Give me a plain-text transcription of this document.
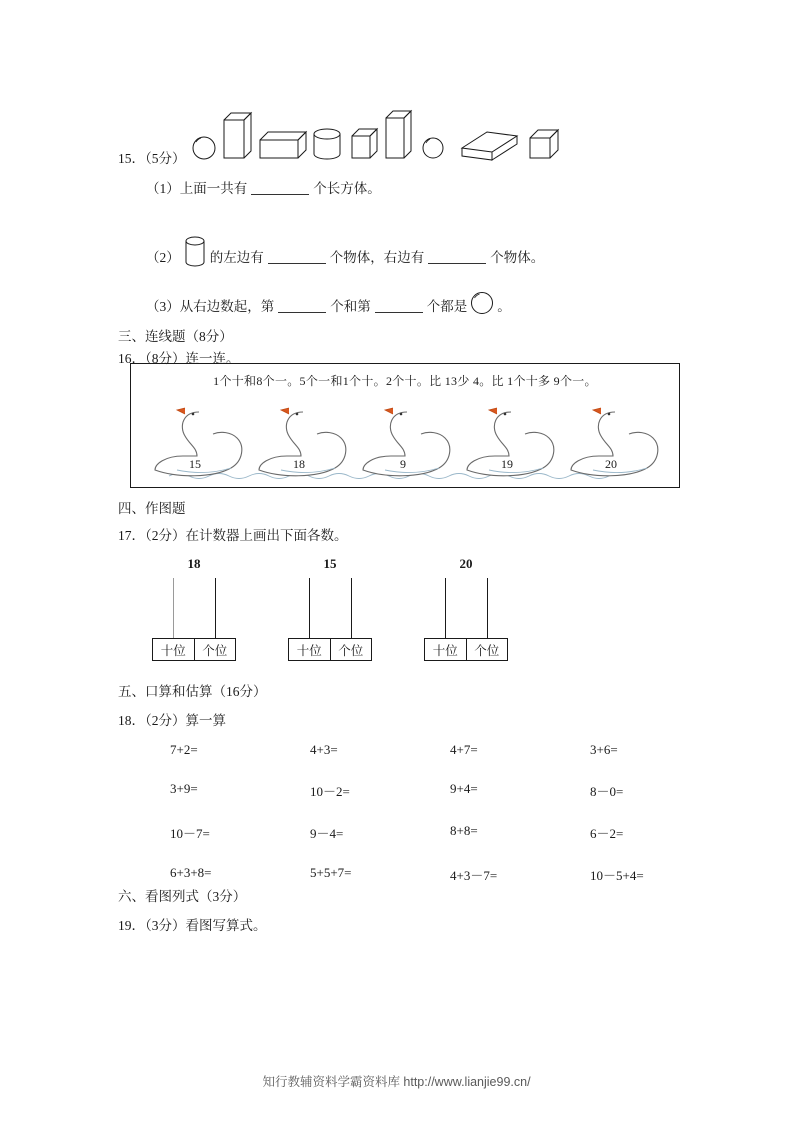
15．（5分）
（1）上面一共有	个长方体。
（2） 的左边有	个物体，右边有	个物体。
（3）从右边数起，第	个和第	个都是 。
三、连线题（8分）
16．（8分）连一连。
1个十和8个一。5个一和1个十。2个十。比 13少 4。比 1个十多 9个一。
15	18	9	19	20
四、作图题
17．（2分）在计数器上画出下面各数。
18
十位	个位
15
十位	个位
20
十位	个位
五、口算和估算（16分）
18．（2分）算一算
7+2=	4+3=	4+7=	3+6=
3+9=	10－2=	9+4=	8－0=
10－7=	9－4=	8+8=	6－2=
6+3+8=	5+5+7=	4+3－7=	10－5+4=
六、看图列式（3分）
19．（3分）看图写算式。
知行教辅资料学霸资料库 http://www.lianjie99.cn/
